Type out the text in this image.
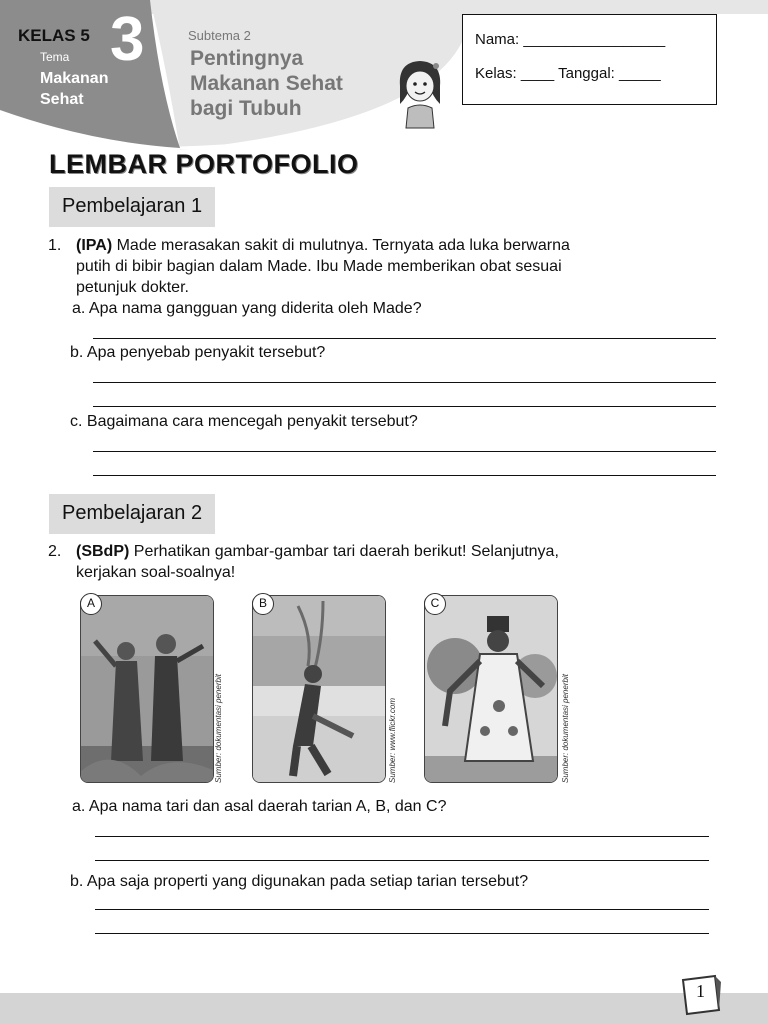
KELAS 5 3
Tema
Makanan
Sehat
Subtema 2
Pentingnya
Makanan Sehat
bagi Tubuh
Nama: _________________
Kelas: ____ Tanggal: _____
LEMBAR PORTOFOLIO
Pembelajaran 1
1. (IPA) Made merasakan sakit di mulutnya. Ternyata ada luka berwarna
putih di bibir bagian dalam Made. Ibu Made memberikan obat sesuai
petunjuk dokter.
a. Apa nama gangguan yang diderita oleh Made?
b. Apa penyebab penyakit tersebut?
c. Bagaimana cara mencegah penyakit tersebut?
Pembelajaran 2
2. (SBdP) Perhatikan gambar-gambar tari daerah berikut! Selanjutnya,
kerjakan soal-soalnya!
A
Sumber: dokumentasi penerbit
B
Sumber: www.flickr.com
C
Sumber: dokumentasi penerbit
a. Apa nama tari dan asal daerah tarian A, B, dan C?
b. Apa saja properti yang digunakan pada setiap tarian tersebut?
1
